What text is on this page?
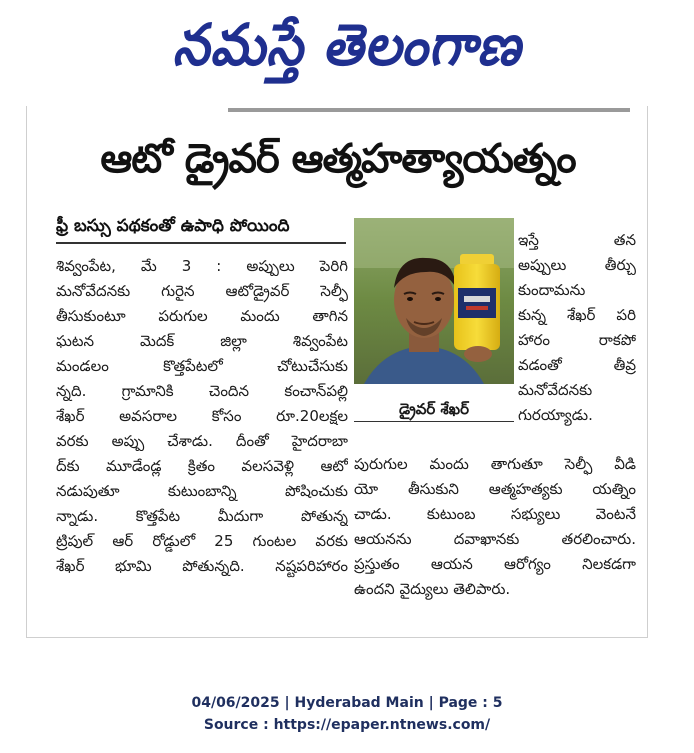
నమస్తే తెలంగాణ
ఆటో డ్రైవర్ ఆత్మహత్యాయత్నం
ఫ్రీ బస్సు పథకంతో ఉపాధి పోయింది
శివ్వంపేట, మే 3 : అప్పులు పెరిగి
మనోవేదనకు గురైన ఆటోడ్రైవర్ సెల్ఫీ
తీసుకుంటూ పరుగుల మందు తాగిన
ఘటన మెదక్ జిల్లా శివ్వంపేట
మండలం కొత్తపేటలో చోటుచేసుకు
న్నది. గ్రామానికి చెందిన కంచాన్‌పల్లి
శేఖర్ అవసరాల కోసం రూ.20లక్షల
వరకు అప్పు చేశాడు. దీంతో హైదరాబా
ద్‌కు మూడేండ్ల క్రితం వలసవెళ్లి ఆటో
నడుపుతూ కుటుంబాన్ని పోషించుకు
న్నాడు. కొత్తపేట మీదుగా పోతున్న
ట్రిపుల్ ఆర్ రోడ్డులో 25 గుంటల వరకు
శేఖర్ భూమి పోతున్నది. నష్టపరిహారం
డ్రైవర్ శేఖర్
ఇస్తే తన
అప్పులు తీర్చు
కుందామను
కున్న శేఖర్ పరి
హారం రాకపో
వడంతో తీవ్ర
మనోవేదనకు
గురయ్యాడు.
పురుగుల మందు తాగుతూ సెల్ఫీ వీడి
యో తీసుకుని ఆత్మహత్యకు యత్నిం
చాడు. కుటుంబ సభ్యులు వెంటనే
ఆయనను దవాఖానకు తరలించారు.
ప్రస్తుతం ఆయన ఆరోగ్యం నిలకడగా
ఉందని వైద్యులు తెలిపారు.
04/06/2025 | Hyderabad Main | Page : 5
Source : https://epaper.ntnews.com/
